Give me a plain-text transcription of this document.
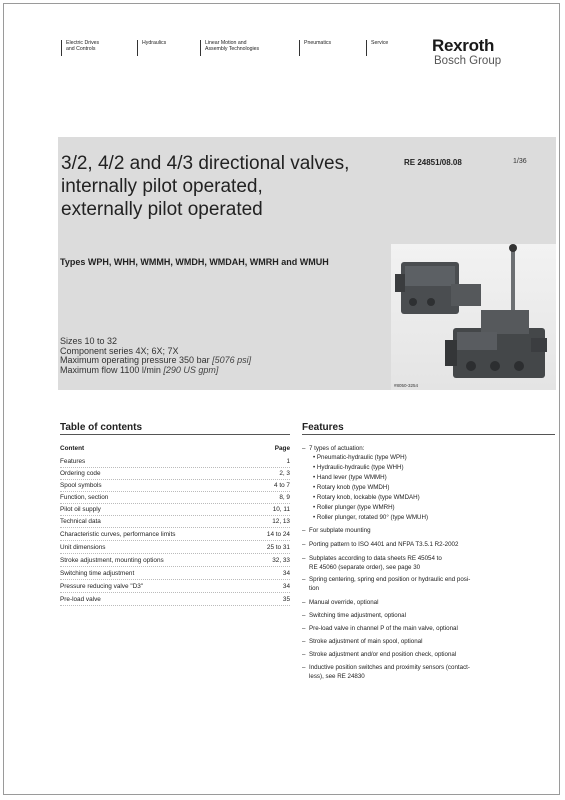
Electric Drives
and Controls
Hydraulics	Linear Motion and
Assembly Technologies
Pneumatics	Service	Rexroth
Bosch Group
3/2, 4/2 and 4/3 directional valves,
internally pilot operated,
externally pilot operated
RE 24851/08.08	1/36
Types WPH, WHH, WMMH, WMDH, WMDAH, WMRH and WMUH
Sizes 10 to 32
Component series 4X; 6X; 7X
Maximum operating pressure 350 bar [5076 psi]
Maximum flow 1100 l/min [290 US gpm]
#8050-3254
Table of contents
Content	Page
Features	1
Ordering code	2, 3
Spool symbols	4 to 7
Function, section	8, 9
Pilot oil supply	10, 11
Technical data	12, 13
Characteristic curves, performance limits	14 to 24
Unit dimensions	25 to 31
Stroke adjustment, mounting options	32, 33
Switching time adjustment	34
Pressure reducing valve "D3"	34
Pre-load valve	35
Features
– 7 types of actuation:
• Pneumatic-hydraulic (type WPH)
• Hydraulic-hydraulic (type WHH)
• Hand lever (type WMMH)
• Rotary knob (type WMDH)
• Rotary knob, lockable (type WMDAH)
• Roller plunger (type WMRH)
• Roller plunger, rotated 90° (type WMUH)
– For subplate mounting
– Porting pattern to ISO 4401 and NFPA T3.5.1 R2-2002
– Subplates according to data sheets RE 45054 to
RE 45060 (separate order), see page 30
– Spring centering, spring end position or hydraulic end posi-
tion
– Manual override, optional
– Switching time adjustment, optional
– Pre-load valve in channel P of the main valve, optional
– Stroke adjustment of main spool, optional
– Stroke adjustment and/or end position check, optional
– Inductive position switches and proximity sensors (contact-
less), see RE 24830
